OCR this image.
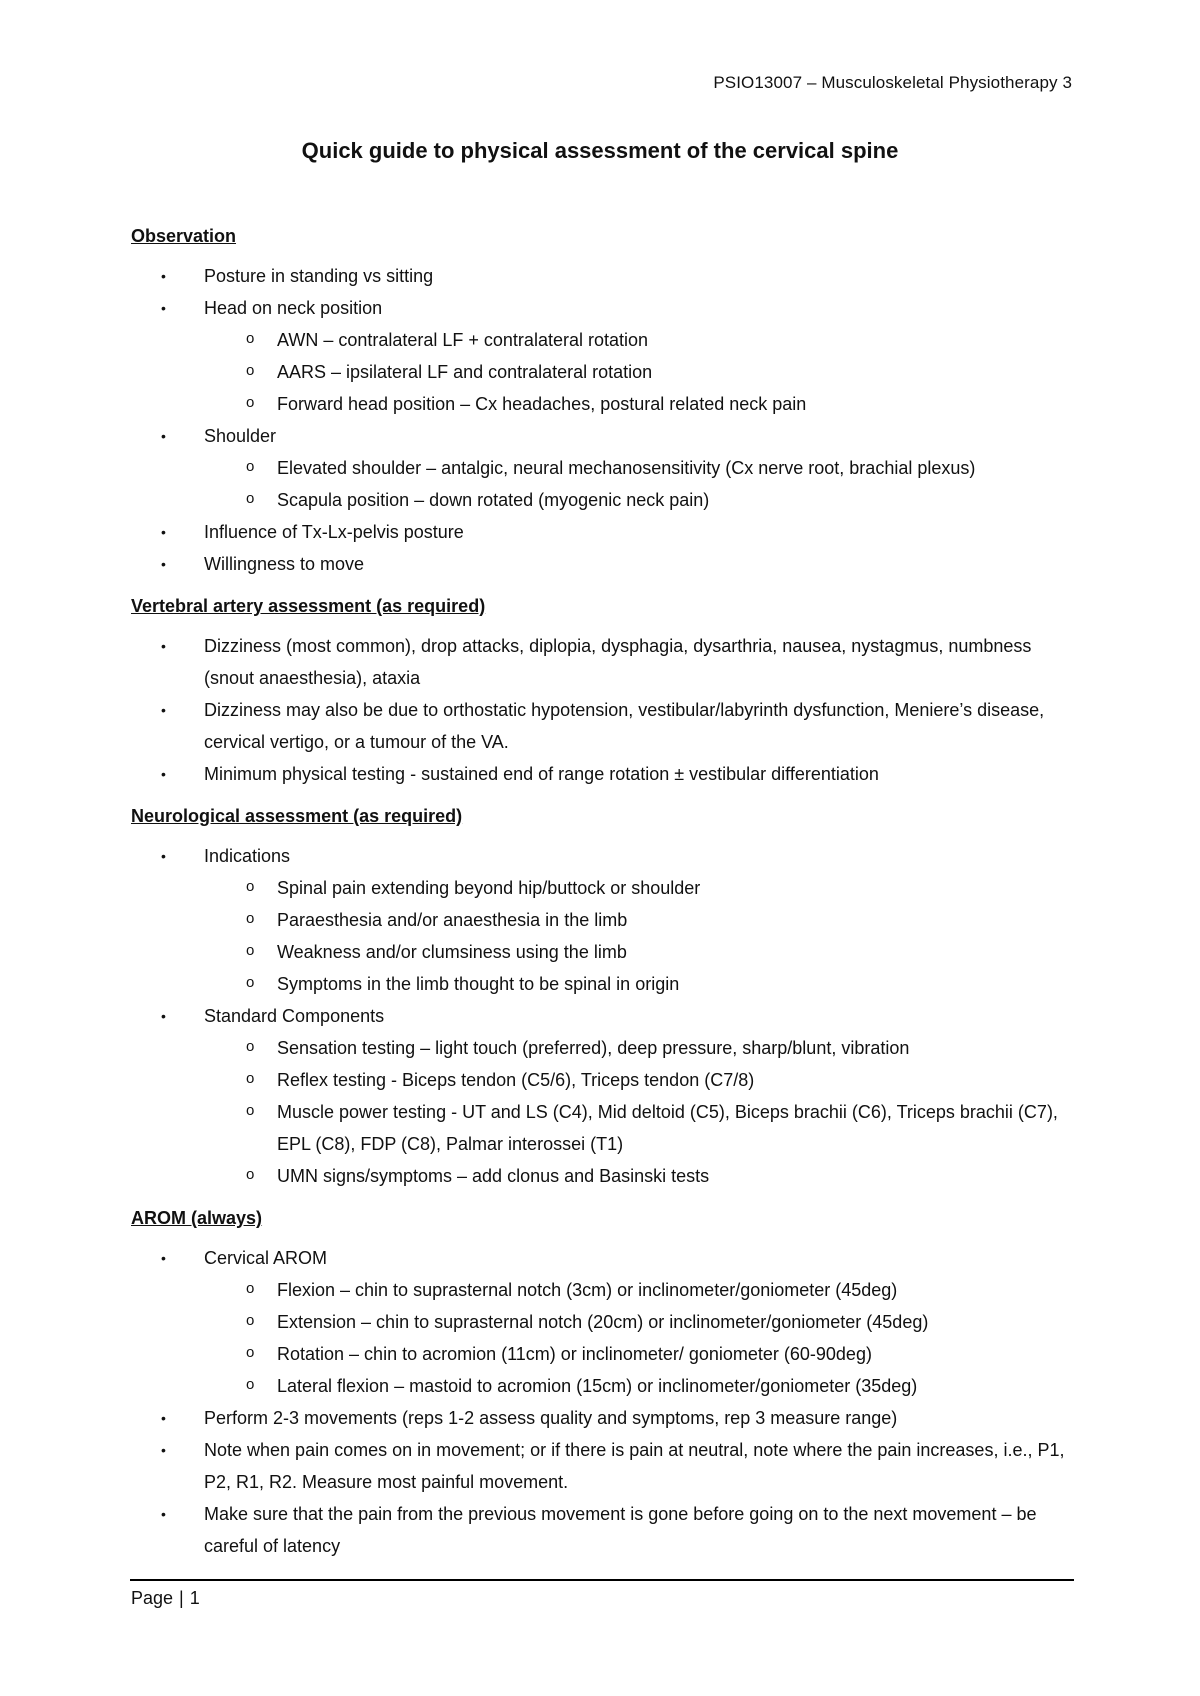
PSIO13007 – Musculoskeletal Physiotherapy 3
Quick guide to physical assessment of the cervical spine

Observation

• Posture in standing vs sitting
• Head on neck position
o AWN – contralateral LF + contralateral rotation
o AARS – ipsilateral LF and contralateral rotation
o Forward head position – Cx headaches, postural related neck pain
• Shoulder
o Elevated shoulder – antalgic, neural mechanosensitivity (Cx nerve root, brachial plexus)
o Scapula position – down rotated (myogenic neck pain)
• Influence of Tx-Lx-pelvis posture
• Willingness to move

Vertebral artery assessment (as required)

• Dizziness (most common), drop attacks, diplopia, dysphagia, dysarthria, nausea, nystagmus, numbness (snout anaesthesia), ataxia
• Dizziness may also be due to orthostatic hypotension, vestibular/labyrinth dysfunction, Meniere’s disease, cervical vertigo, or a tumour of the VA.
• Minimum physical testing - sustained end of range rotation ± vestibular differentiation

Neurological assessment (as required)

• Indications
o Spinal pain extending beyond hip/buttock or shoulder
o Paraesthesia and/or anaesthesia in the limb
o Weakness and/or clumsiness using the limb
o Symptoms in the limb thought to be spinal in origin
• Standard Components
o Sensation testing – light touch (preferred), deep pressure, sharp/blunt, vibration
o Reflex testing - Biceps tendon (C5/6), Triceps tendon (C7/8)
o Muscle power testing - UT and LS (C4), Mid deltoid (C5), Biceps brachii (C6), Triceps brachii (C7), EPL (C8), FDP (C8), Palmar interossei (T1)
o UMN signs/symptoms – add clonus and Basinski tests

AROM (always)

• Cervical AROM
o Flexion – chin to suprasternal notch (3cm) or inclinometer/goniometer (45deg)
o Extension – chin to suprasternal notch (20cm) or inclinometer/goniometer (45deg)
o Rotation – chin to acromion (11cm) or inclinometer/ goniometer (60-90deg)
o Lateral flexion – mastoid to acromion (15cm) or inclinometer/goniometer (35deg)
• Perform 2-3 movements (reps 1-2 assess quality and symptoms, rep 3 measure range)
• Note when pain comes on in movement; or if there is pain at neutral, note where the pain increases, i.e., P1, P2, R1, R2. Measure most painful movement.
• Make sure that the pain from the previous movement is gone before going on to the next movement – be careful of latency
Page | 1
